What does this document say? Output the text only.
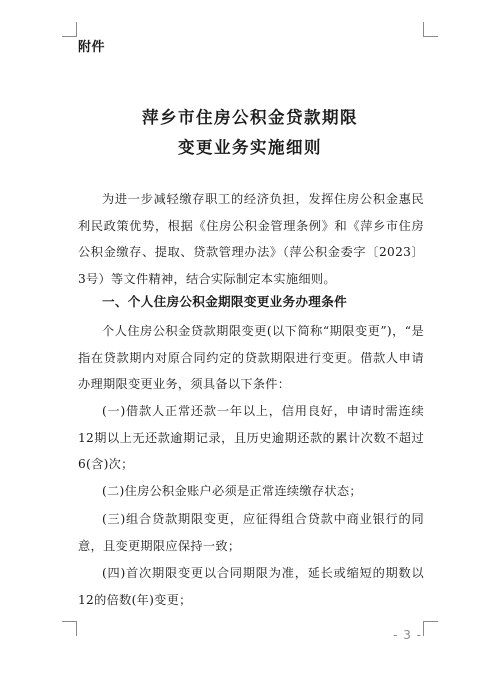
附件
萍乡市住房公积金贷款期限
变更业务实施细则
为进一步减轻缴存职工的经济负担，发挥住房公积金惠民利民政策优势，根据《住房公积金管理条例》和《萍乡市住房公积金缴存、提取、贷款管理办法》（萍公积金委字〔2023〕3号）等文件精神，结合实际制定本实施细则。
一、个人住房公积金期限变更业务办理条件
个人住房公积金贷款期限变更(以下简称“期限变更”)，“是指在贷款期内对原合同约定的贷款期限进行变更。借款人申请办理期限变更业务，须具备以下条件：
(一)借款人正常还款一年以上，信用良好，申请时需连续12期以上无还款逾期记录，且历史逾期还款的累计次数不超过6(含)次；
(二)住房公积金账户必须是正常连续缴存状态；
(三)组合贷款期限变更，应征得组合贷款中商业银行的同意，且变更期限应保持一致；
(四)首次期限变更以合同期限为准，延长或缩短的期数以12的倍数(年)变更；
- 3 -
